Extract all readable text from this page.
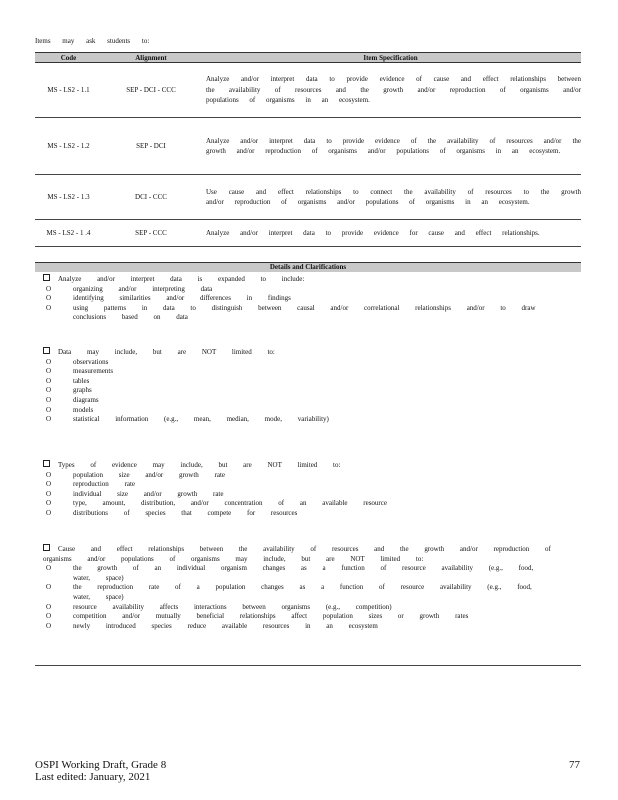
Items may ask students to:
Code	Alignment	Item Specification
MS - LS2 - 1.1	SEP - DCI - CCC	Analyze and/or interpret data to provide evidence of cause and effect relationships between the availability of resources and the growth and/or reproduction of organisms and/or populations of organisms in an ecosystem.

MS - LS2 - 1.2	SEP - DCI	Analyze and/or interpret data to provide evidence of the availability of resources and/or the growth and/or reproduction of organisms and/or populations of organisms in an ecosystem.

MS - LS2 - 1.3	DCI - CCC	Use cause and effect relationships to connect the availability of resources to the growth and/or reproduction of organisms and/or populations of organisms in an ecosystem.

MS - LS2 - 1 .4	SEP - CCC	Analyze and/or interpret data to provide evidence for cause and effect relationships.
Details and Clarifications
Analyze and/or interpret data is expanded to include:
O	organizing and/or interpreting data
O	identifying similarities and/or differences in findings
O	using patterns in data to distinguish between causal and/or correlational relationships and/or to draw conclusions based on data
Data may include, but are NOT limited to:
O	observations
O	measurements
O	tables
O	graphs
O	diagrams
O	models
O	statistical information (e.g., mean, median, mode, variability)
Types of evidence may include, but are NOT limited to:
O	population size and/or growth rate
O	reproduction rate
O	individual size and/or growth rate
O	type, amount, distribution, and/or concentration of an available resource
O	distributions of species that compete for resources
Cause and effect relationships between the availability of resources and the growth and/or reproduction of organisms and/or populations of organisms may include, but are NOT limited to:
O	the growth of an individual organism changes as a function of resource availability (e.g., food, water, space)
O	the reproduction rate of a population changes as a function of resource availability (e.g., food, water, space)
O	resource availability affects interactions between organisms (e.g., competition)
O	competition and/or mutually beneficial relationships affect population sizes or growth rates
O	newly introduced species reduce available resources in an ecosystem
OSPI Working Draft, Grade 8
Last edited: January, 2021
77
